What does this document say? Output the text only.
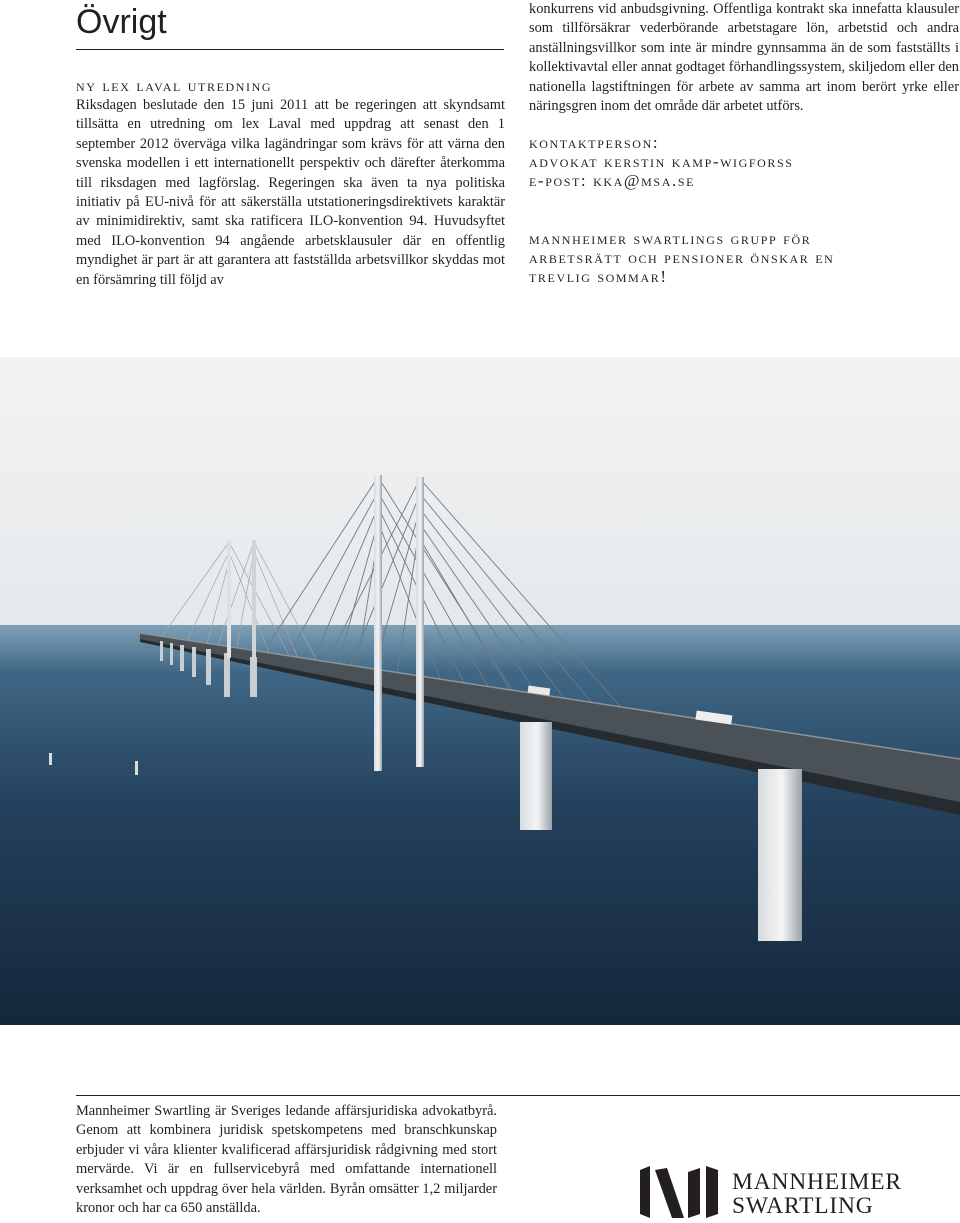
Övrigt
ny lex laval utredning

Riksdagen beslutade den 15 juni 2011 att be regeringen att skyndsamt tillsätta en utredning om lex Laval med uppdrag att senast den 1 september 2012 överväga vilka lagändringar som krävs för att värna den svenska modellen i ett internationellt perspektiv och därefter återkomma till riksdagen med lagförslag. Regeringen ska även ta nya politiska initiativ på EU-nivå för att säkerställa utstationeringsdirektivets karaktär av minimidirektiv, samt ska ratificera ILO-konvention 94. Huvudsyftet med ILO-konvention 94 angående arbetsklausuler där en offentlig myndighet är part är att garantera att fastställda arbetsvillkor skyddas mot en försämring till följd av

konkurrens vid anbudsgivning. Offentliga kontrakt ska innefatta klausuler som tillförsäkrar vederbörande arbetstagare lön, arbetstid och andra anställningsvillkor som inte är mindre gynnsamma än de som fastställts i kollektivavtal eller annat godtaget förhandlingssystem, skiljedom eller den nationella lagstiftningen för arbete av samma art inom berört yrke eller näringsgren inom det område där arbetet utförs.

kontaktperson:
advokat kerstin kamp-wigforss
e-post: kka@msa.se
mannheimer swartlings grupp för
arbetsrätt och pensioner önskar en
trevlig sommar!

Mannheimer Swartling är Sveriges ledande affärsjuridiska advokatbyrå. Genom att kombinera juridisk spetskompetens med branschkunskap erbjuder vi våra klienter kvalificerad affärsjuridisk rådgivning med stort mervärde. Vi är en fullservicebyrå med omfattande internationell verksamhet och uppdrag över hela världen. Byrån omsätter 1,2 miljarder kronor och har ca 650 anställda.

MANNHEIMER
SWARTLING
